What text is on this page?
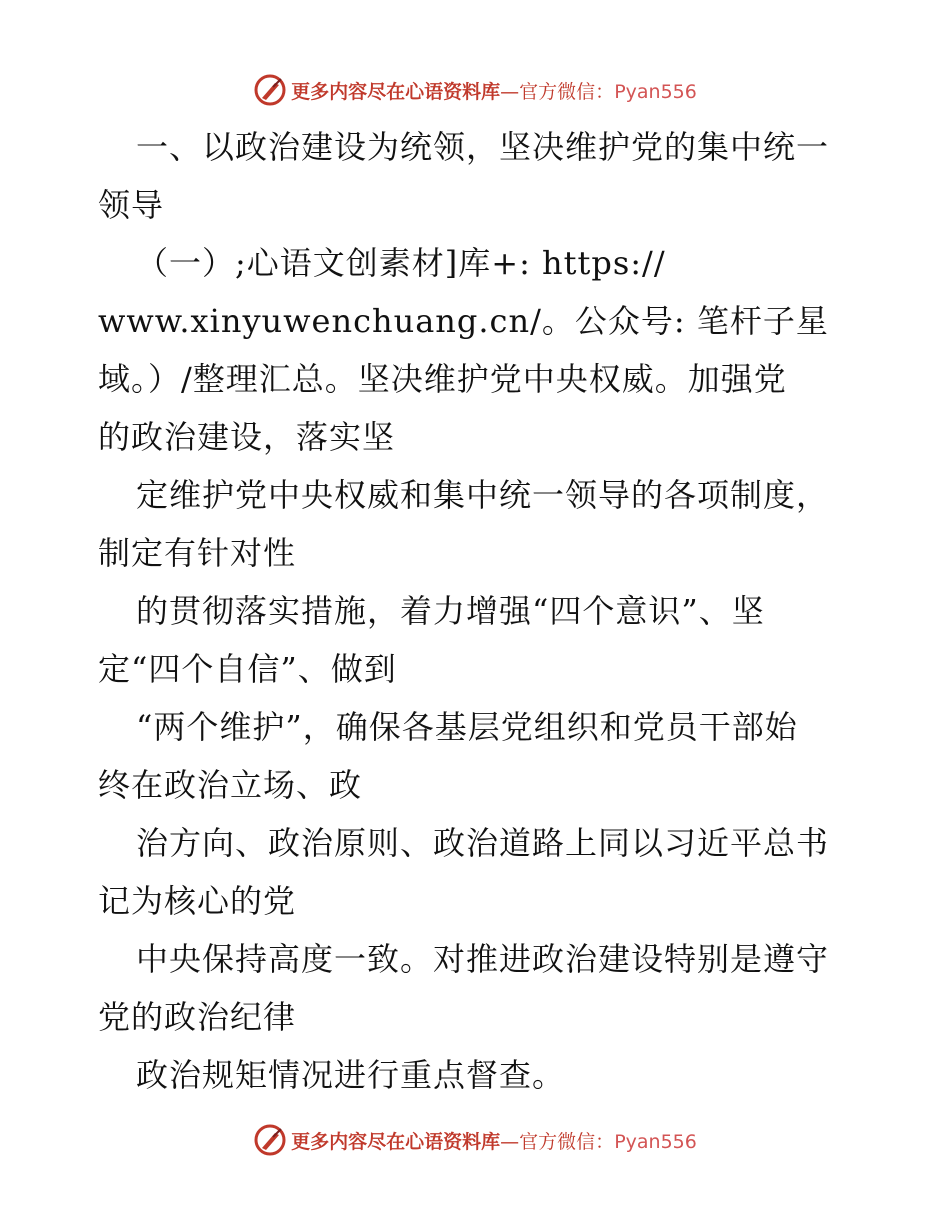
更多内容尽在心语资料库—官方微信：Pyan556
一、以政治建设为统领，坚决维护党的集中统一
领导
（一）;心语文创素材]库+: https://
www.xinyuwenchuang.cn/。公众号: 笔杆子星
域。）/整理汇总。坚决维护党中央权威。加强党
的政治建设，落实坚
定维护党中央权威和集中统一领导的各项制度，
制定有针对性
的贯彻落实措施，着力增强“四个意识”、坚
定“四个自信”、做到
“两个维护”，确保各基层党组织和党员干部始
终在政治立场、政
治方向、政治原则、政治道路上同以习近平总书
记为核心的党
中央保持高度一致。对推进政治建设特别是遵守
党的政治纪律
政治规矩情况进行重点督查。
更多内容尽在心语资料库—官方微信：Pyan556
